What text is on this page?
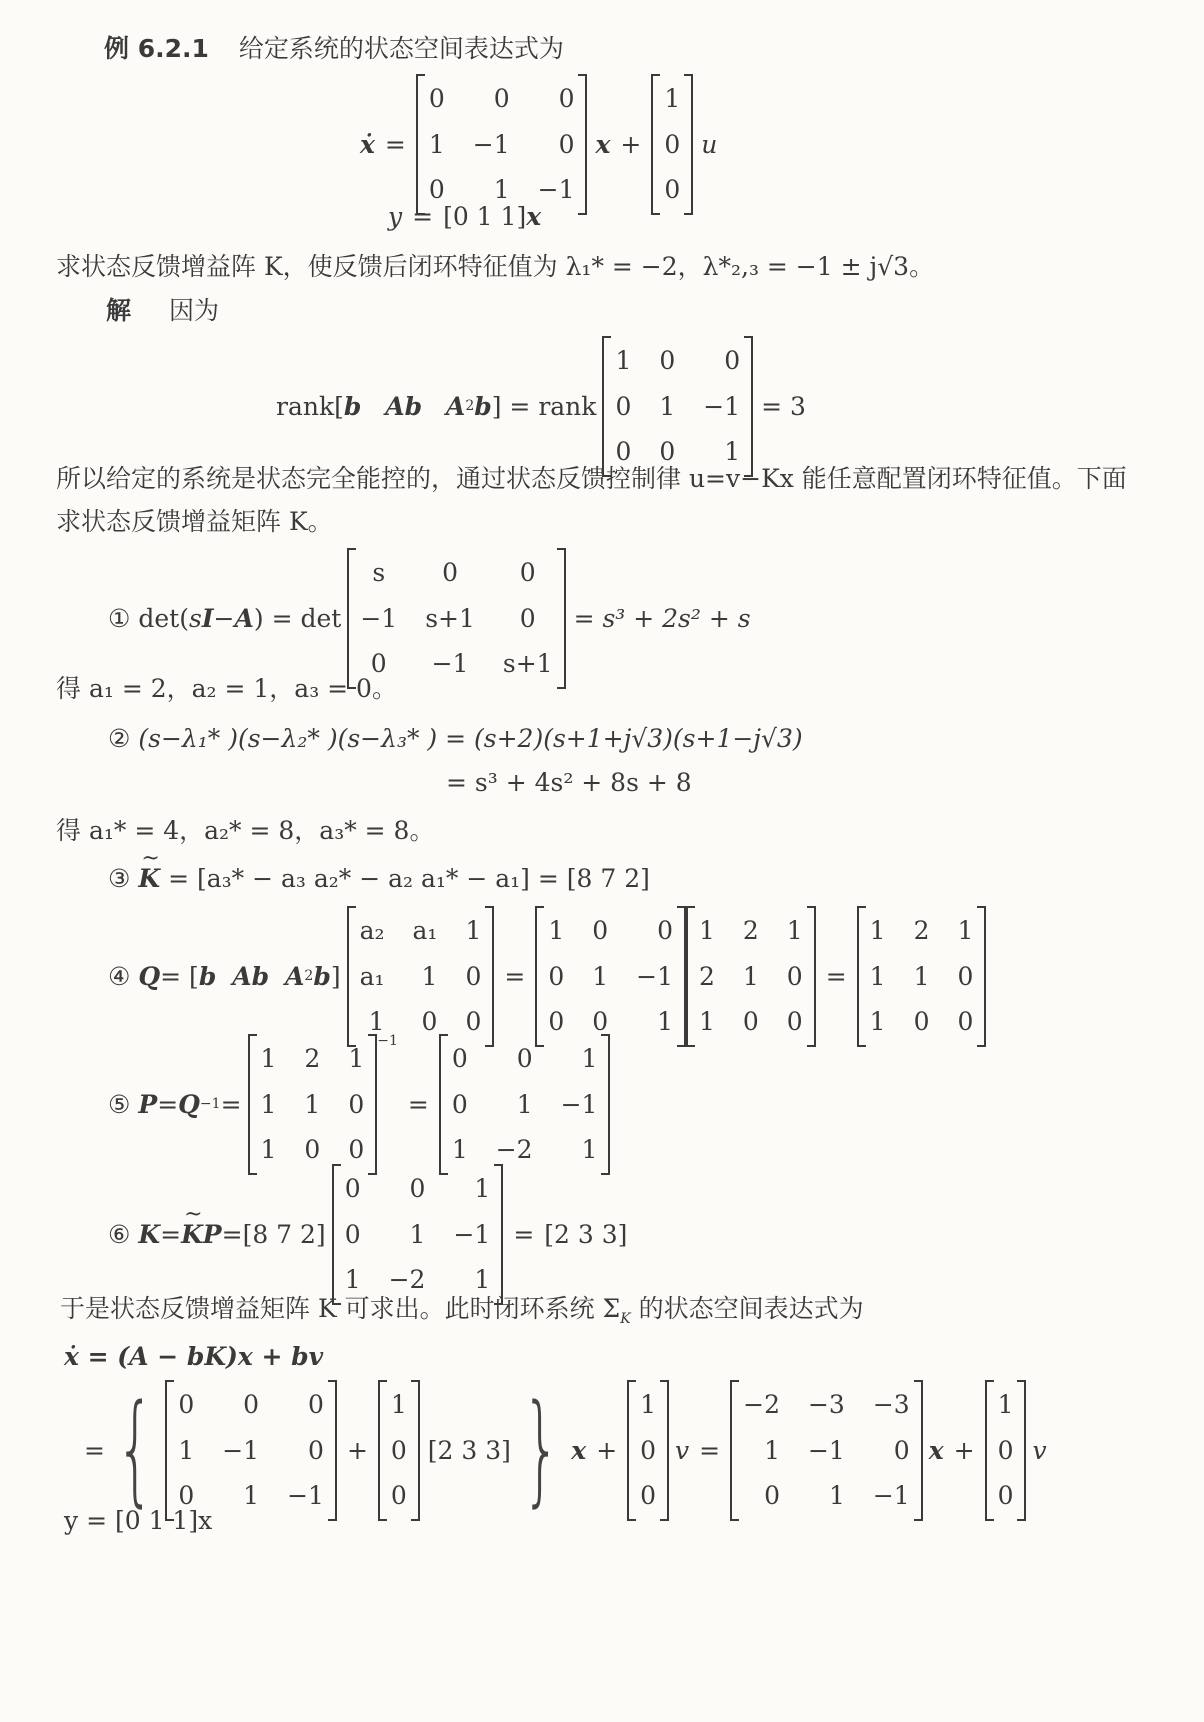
例 6.2.1 给定系统的状态空间表达式为
ẋ =
0	0	0
1 −1	0
0	1 −1
x +
1
0
0
u
y = [0 1 1]x
求状态反馈增益阵 K，使反馈后闭环特征值为 λ₁* = −2，λ*₂,₃ = −1 ± j√3。
解 因为
rank[ b
Ab
A 2 b ] = rank
1 0	0
0 1 −1
0 0	1
= 3
所以给定的系统是状态完全能控的，通过状态反馈控制律 u=v−Kx 能任意配置闭环特征值。下面求状态反馈增益矩阵 K。
① det( s I − A ) = det
s	0	0
−1 s+1	0
0	−1 s+1
= s³ + 2s² + s
得 a₁ = 2，a₂ = 1，a₃ = 0。
② (s−λ₁* )(s−λ₂* )(s−λ₃* ) = (s+2)(s+1+j√3)(s+1−j√3)
= s³ + 4s² + 8s + 8
得 a₁* = 4，a₂* = 8，a₃* = 8。
③ ~ K = [a₃* − a₃ a₂* − a₂ a₁* − a₁] = [8 7 2]
④
Q = [ b
Ab
A 2 b ]
a₂ a₁ 1
a₁	1 0
1	0 0
=
1 0	0
0 1 −1
0 0	1
1 2 1
2 1 0
1 0 0
=
1 2 1
1 1 0
1 0 0
⑤
P = Q −1 =
1 2 1
1 1 0
1 0 0
$^{-1}$
=
0	0	1
0	1 −1
1 −2	1
⑥
K = ~ K P = [8 7 2]
0	0	1
0	1 −1
1 −2	1
= [2 3 3]
于是状态反馈增益矩阵 K 可求出。此时闭环系统 $\Sigma_K$ 的状态空间表达式为
ẋ = (A − bK)x + bv
= { 0	0	0
1 −1	0
0	1 −1
+
1
0
0
[2 3 3] } x +
1
0
0
v =
−2 −3 −3
1 −1	0
0	1 −1
x +
1
0
0
v
y = [0 1 1]x
